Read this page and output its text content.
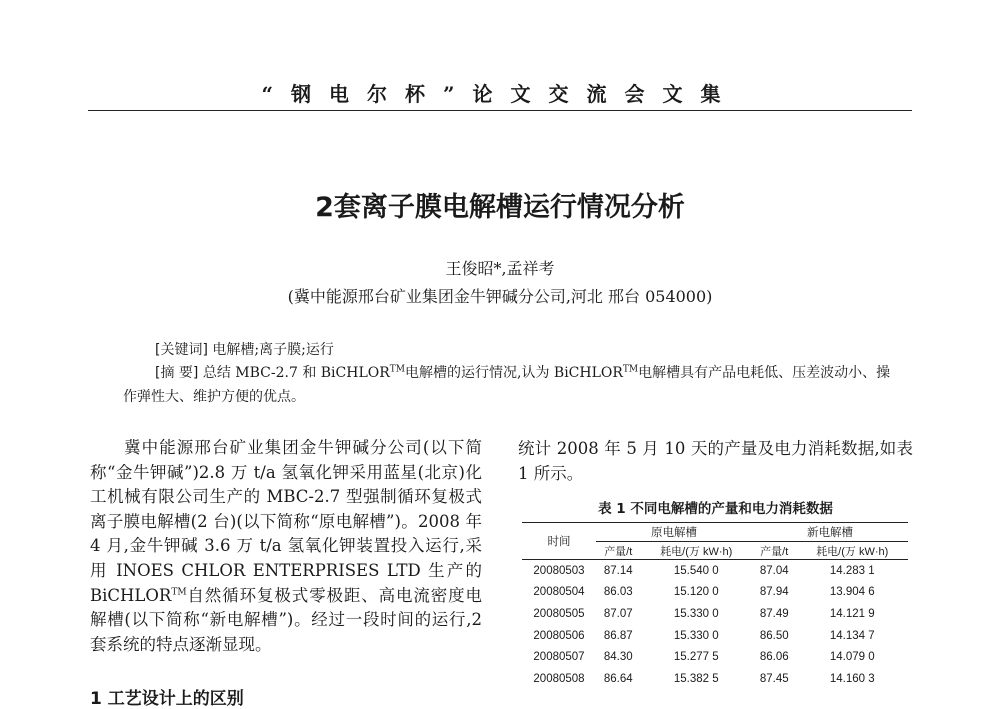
“钢电尔杯”论文交流会文集
2套离子膜电解槽运行情况分析
王俊昭*,孟祥考
(冀中能源邢台矿业集团金牛钾碱分公司,河北 邢台 054000)
[关键词] 电解槽;离子膜;运行
[摘 要] 总结 MBC-2.7 和 BiCHLOR™电解槽的运行情况,认为 BiCHLOR™电解槽具有产品电耗低、压差波动小、操作弹性大、维护方便的优点。

冀中能源邢台矿业集团金牛钾碱分公司(以下简称“金牛钾碱”)2.8 万 t/a 氢氧化钾采用蓝星(北京)化工机械有限公司生产的 MBC-2.7 型强制循环复极式离子膜电解槽(2 台)(以下简称“原电解槽”)。2008 年 4 月,金牛钾碱 3.6 万 t/a 氢氧化钾装置投入运行,采用 INOES CHLOR ENTERPRISES LTD 生产的 BiCHLOR™自然循环复极式零极距、高电流密度电解槽(以下简称“新电解槽”)。经过一段时间的运行,2 套系统的特点逐渐显现。

1 工艺设计上的区别

统计 2008 年 5 月 10 天的产量及电力消耗数据,如表 1 所示。

表 1 不同电解槽的产量和电力消耗数据
时间	原电解槽		新电解槽	
	产量/t	耗电/(万 kW·h)	产量/t	耗电/(万 kW·h)
20080503	87.14	15.540 0	87.04	14.283 1
20080504	86.03	15.120 0	87.94	13.904 6
20080505	87.07	15.330 0	87.49	14.121 9
20080506	86.87	15.330 0	86.50	14.134 7
20080507	84.30	15.277 5	86.06	14.079 0
20080508	86.64	15.382 5	87.45	14.160 3
